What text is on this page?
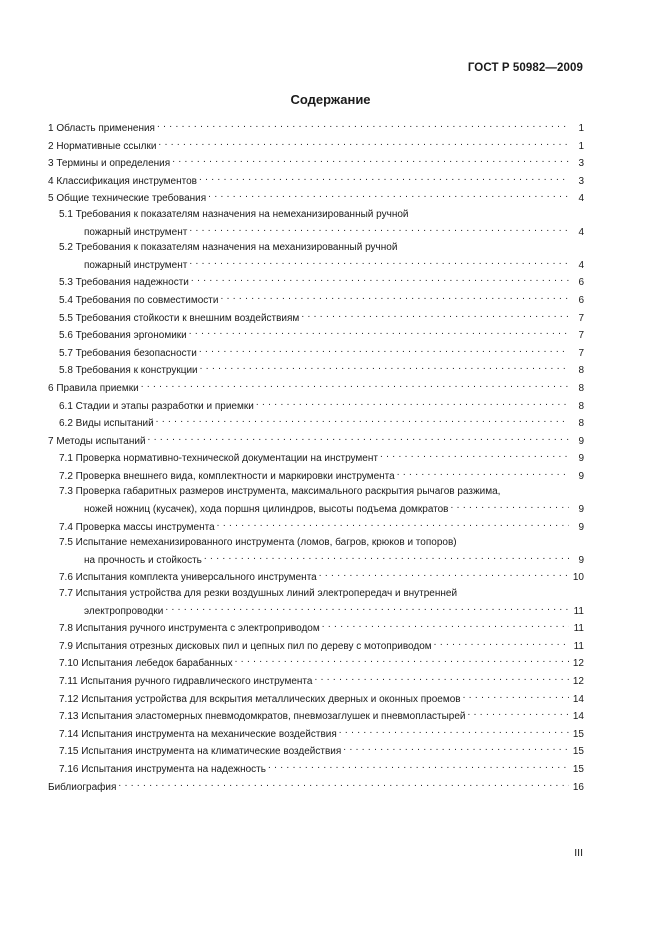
ГОСТ Р 50982—2009
Содержание
1 Область применения . . .	1
2 Нормативные ссылки . . .	1
3 Термины и определения . . .	3
4 Классификация инструментов . . .	3
5 Общие технические требования . . .	4
5.1 Требования к показателям назначения на немеханизированный ручной
пожарный инструмент . . .	4
5.2 Требования к показателям назначения на механизированный ручной
пожарный инструмент . . .	4
5.3 Требования надежности . . .	6
5.4 Требования по совместимости . . .	6
5.5 Требования стойкости к внешним воздействиям . . .	7
5.6 Требования эргономики . . .	7
5.7 Требования безопасности . . .	7
5.8 Требования к конструкции . . .	8
6 Правила приемки . . .	8
6.1 Стадии и этапы разработки и приемки . . .	8
6.2 Виды испытаний . . .	8
7 Методы испытаний . . .	9
7.1 Проверка нормативно-технической документации на инструмент . . .	9
7.2 Проверка внешнего вида, комплектности и маркировки инструмента . . .	9
7.3 Проверка габаритных размеров инструмента, максимального раскрытия рычагов разжима,
ножей ножниц (кусачек), хода поршня цилиндров, высоты подъема домкратов . . .	9
7.4 Проверка массы инструмента . . .	9
7.5 Испытание немеханизированного инструмента (ломов, багров, крюков и топоров)
на прочность и стойкость . . .	9
7.6 Испытания комплекта универсального инструмента . . .	10
7.7 Испытания устройства для резки воздушных линий электропередач и внутренней
электропроводки . . .	11
7.8 Испытания ручного инструмента с электроприводом . . .	11
7.9 Испытания отрезных дисковых пил и цепных пил по дереву с мотоприводом . . .	11
7.10 Испытания лебедок барабанных . . .	12
7.11 Испытания ручного гидравлического инструмента . . .	12
7.12 Испытания устройства для вскрытия металлических дверных и оконных проемов . . .	14
7.13 Испытания эластомерных пневмодомкратов, пневмозаглушек и пневмопластырей . . .	14
7.14 Испытания инструмента на механические воздействия . . .	15
7.15 Испытания инструмента на климатические воздействия . . .	15
7.16 Испытания инструмента на надежность . . .	15
Библиография . . .	16
III
